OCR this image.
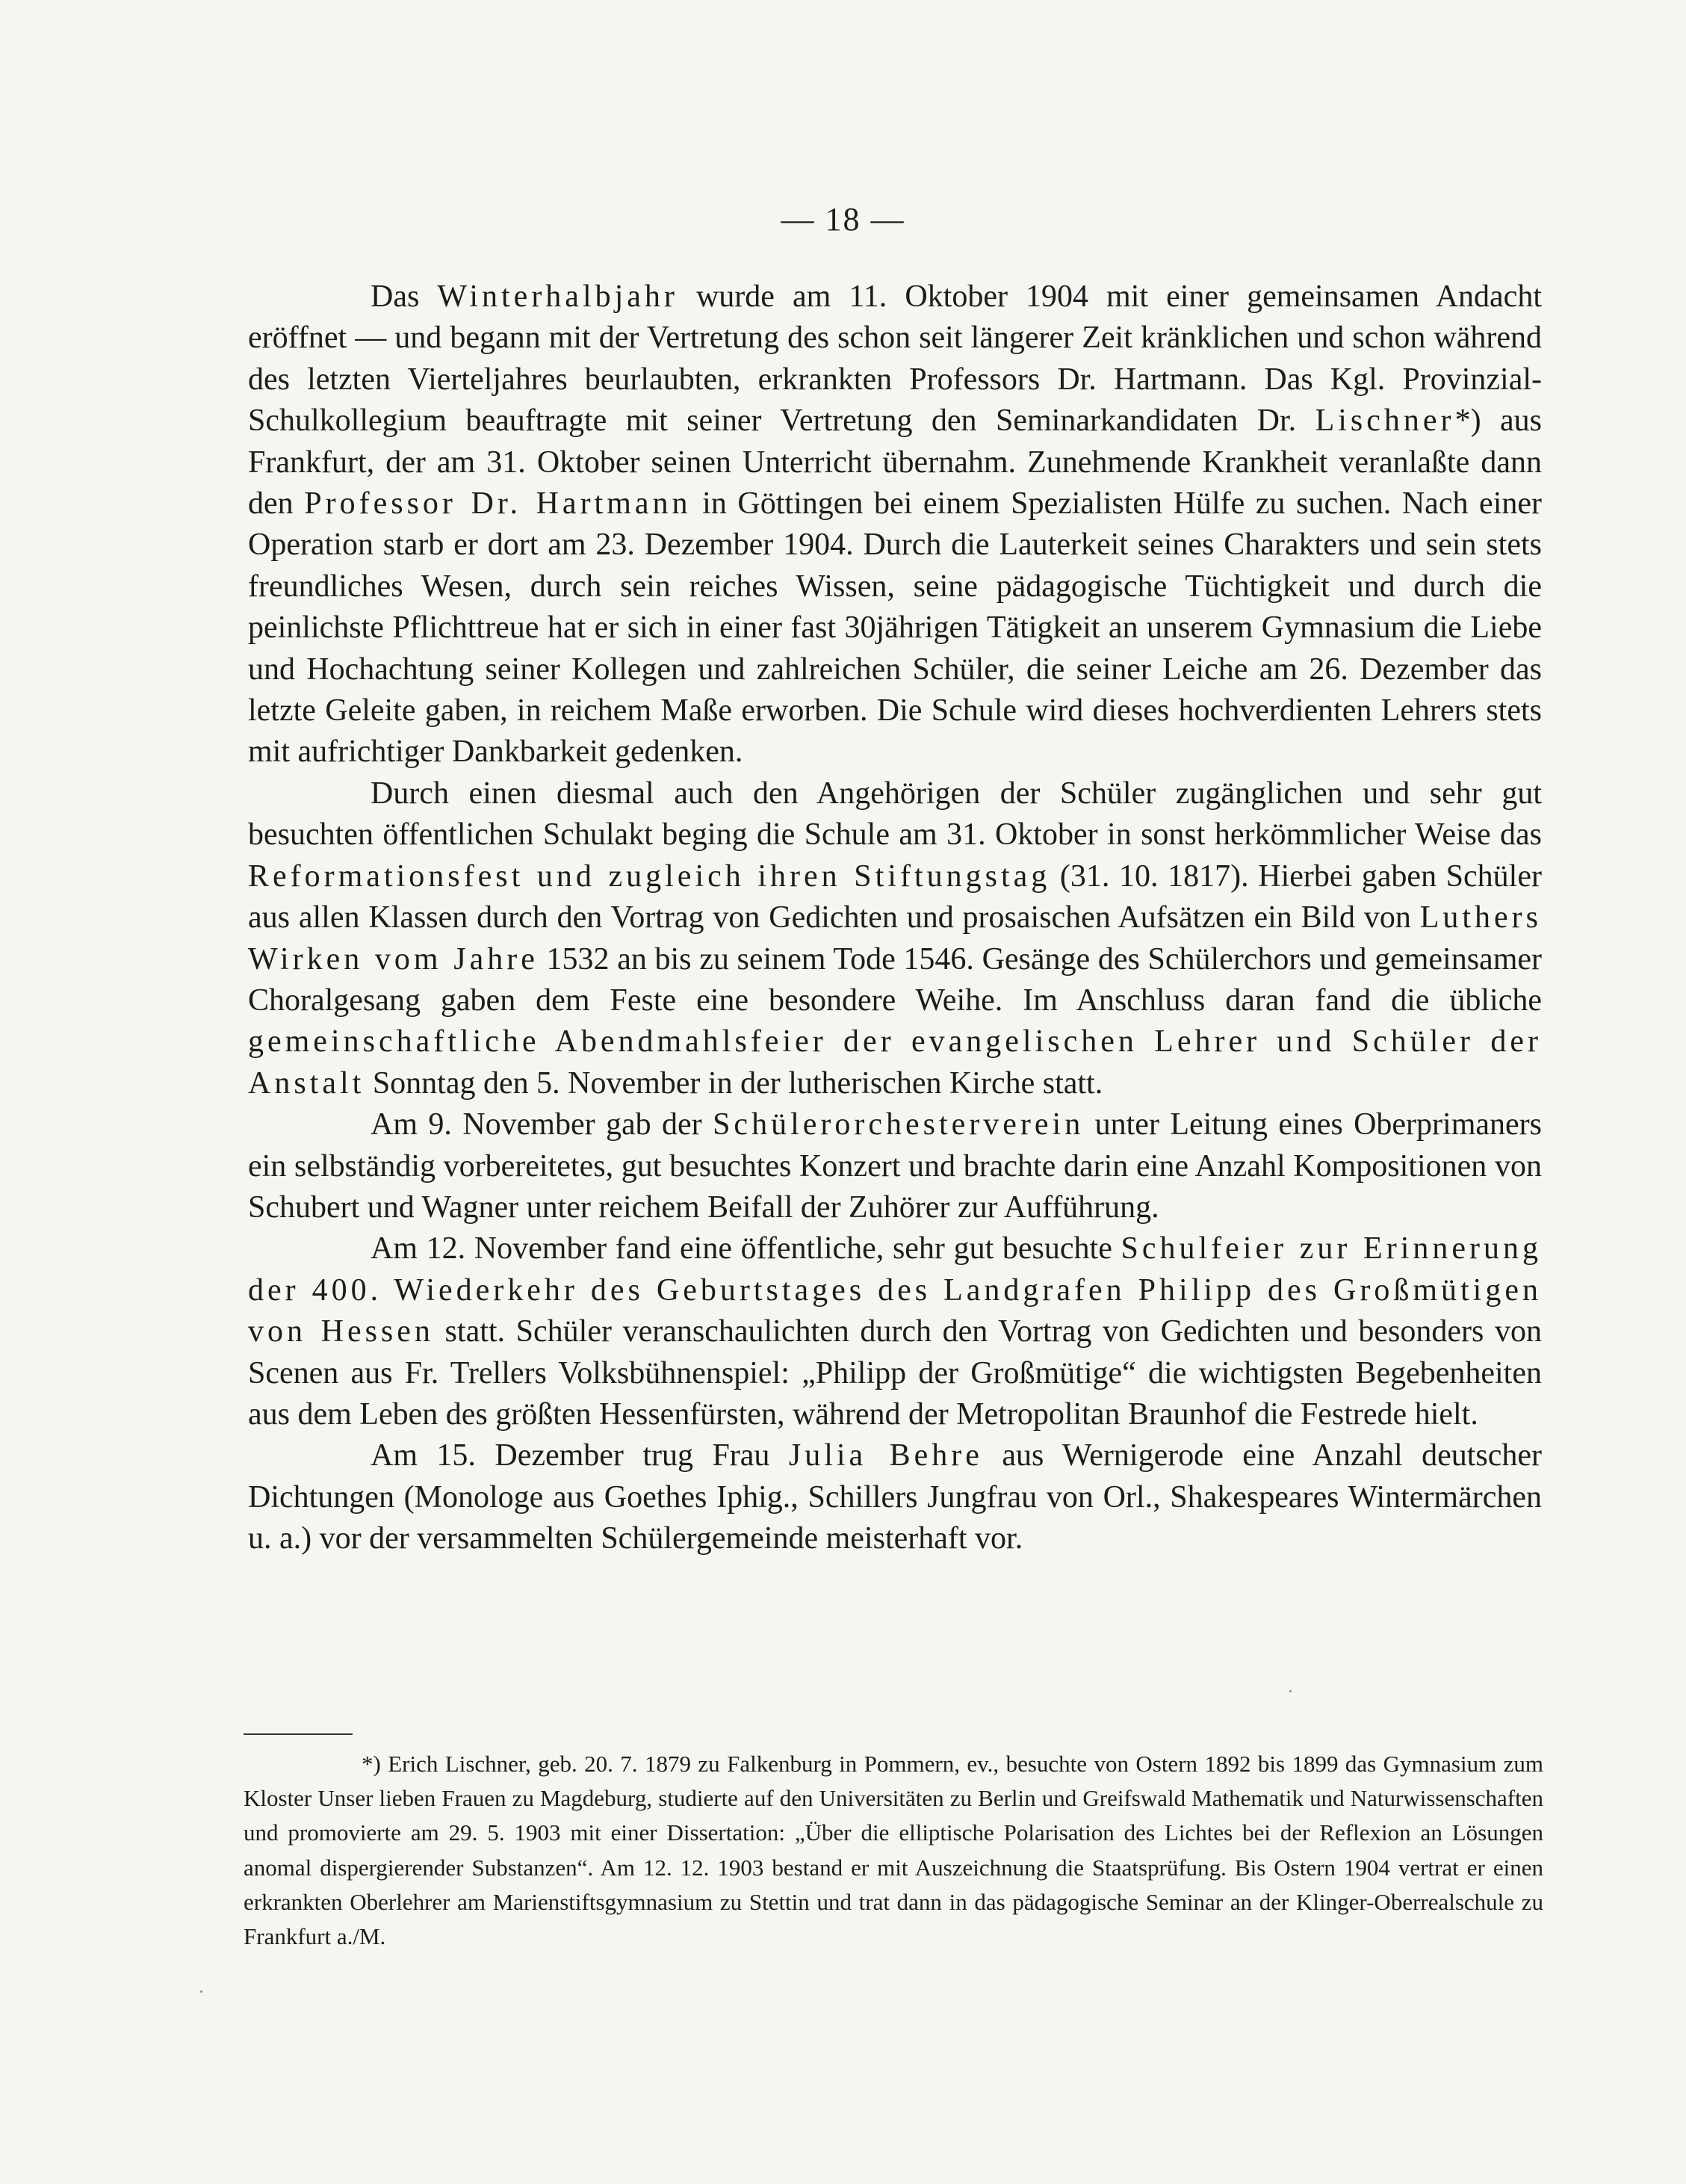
— 18 —

Das Winterhalbjahr wurde am 11. Oktober 1904 mit einer gemeinsamen Andacht eröffnet — und begann mit der Vertretung des schon seit längerer Zeit kränklichen und schon während des letzten Vierteljahres beurlaubten, erkrankten Professors Dr. Hartmann. Das Kgl. Provinzial-Schulkollegium beauftragte mit seiner Vertretung den Seminarkandidaten Dr. Lischner*) aus Frankfurt, der am 31. Oktober seinen Unterricht übernahm. Zunehmende Krankheit veranlaßte dann den Professor Dr. Hartmann in Göttingen bei einem Spezialisten Hülfe zu suchen. Nach einer Operation starb er dort am 23. Dezember 1904. Durch die Lauterkeit seines Charakters und sein stets freundliches Wesen, durch sein reiches Wissen, seine pädagogische Tüchtigkeit und durch die peinlichste Pflichttreue hat er sich in einer fast 30jährigen Tätigkeit an unserem Gymnasium die Liebe und Hochachtung seiner Kollegen und zahlreichen Schüler, die seiner Leiche am 26. Dezember das letzte Geleite gaben, in reichem Maße erworben. Die Schule wird dieses hochverdienten Lehrers stets mit aufrichtiger Dankbarkeit gedenken.

Durch einen diesmal auch den Angehörigen der Schüler zugänglichen und sehr gut besuchten öffentlichen Schulakt beging die Schule am 31. Oktober in sonst herkömmlicher Weise das Reformationsfest und zugleich ihren Stiftungstag (31. 10. 1817). Hierbei gaben Schüler aus allen Klassen durch den Vortrag von Gedichten und prosaischen Aufsätzen ein Bild von Luthers Wirken vom Jahre 1532 an bis zu seinem Tode 1546. Gesänge des Schülerchors und gemeinsamer Choralgesang gaben dem Feste eine besondere Weihe. Im Anschluss daran fand die übliche gemeinschaftliche Abendmahlsfeier der evangelischen Lehrer und Schüler der Anstalt Sonntag den 5. November in der lutherischen Kirche statt.

Am 9. November gab der Schülerorchesterverein unter Leitung eines Oberprimaners ein selbständig vorbereitetes, gut besuchtes Konzert und brachte darin eine Anzahl Kompositionen von Schubert und Wagner unter reichem Beifall der Zuhörer zur Aufführung.

Am 12. November fand eine öffentliche, sehr gut besuchte Schulfeier zur Erinnerung der 400. Wiederkehr des Geburtstages des Landgrafen Philipp des Großmütigen von Hessen statt. Schüler veranschaulichten durch den Vortrag von Gedichten und besonders von Scenen aus Fr. Trellers Volksbühnenspiel: „Philipp der Großmütige“ die wichtigsten Begebenheiten aus dem Leben des größten Hessenfürsten, während der Metropolitan Braunhof die Festrede hielt.

Am 15. Dezember trug Frau Julia Behre aus Wernigerode eine Anzahl deutscher Dichtungen (Monologe aus Goethes Iphig., Schillers Jungfrau von Orl., Shakespeares Wintermärchen u. a.) vor der versammelten Schülergemeinde meisterhaft vor.

*) Erich Lischner, geb. 20. 7. 1879 zu Falkenburg in Pommern, ev., besuchte von Ostern 1892 bis 1899 das Gymnasium zum Kloster Unser lieben Frauen zu Magdeburg, studierte auf den Universitäten zu Berlin und Greifswald Mathematik und Naturwissenschaften und promovierte am 29. 5. 1903 mit einer Dissertation: „Über die elliptische Polarisation des Lichtes bei der Reflexion an Lösungen anomal dispergierender Substanzen“. Am 12. 12. 1903 bestand er mit Auszeichnung die Staatsprüfung. Bis Ostern 1904 vertrat er einen erkrankten Oberlehrer am Marienstiftsgymnasium zu Stettin und trat dann in das pädagogische Seminar an der Klinger-Oberrealschule zu Frankfurt a./M.
